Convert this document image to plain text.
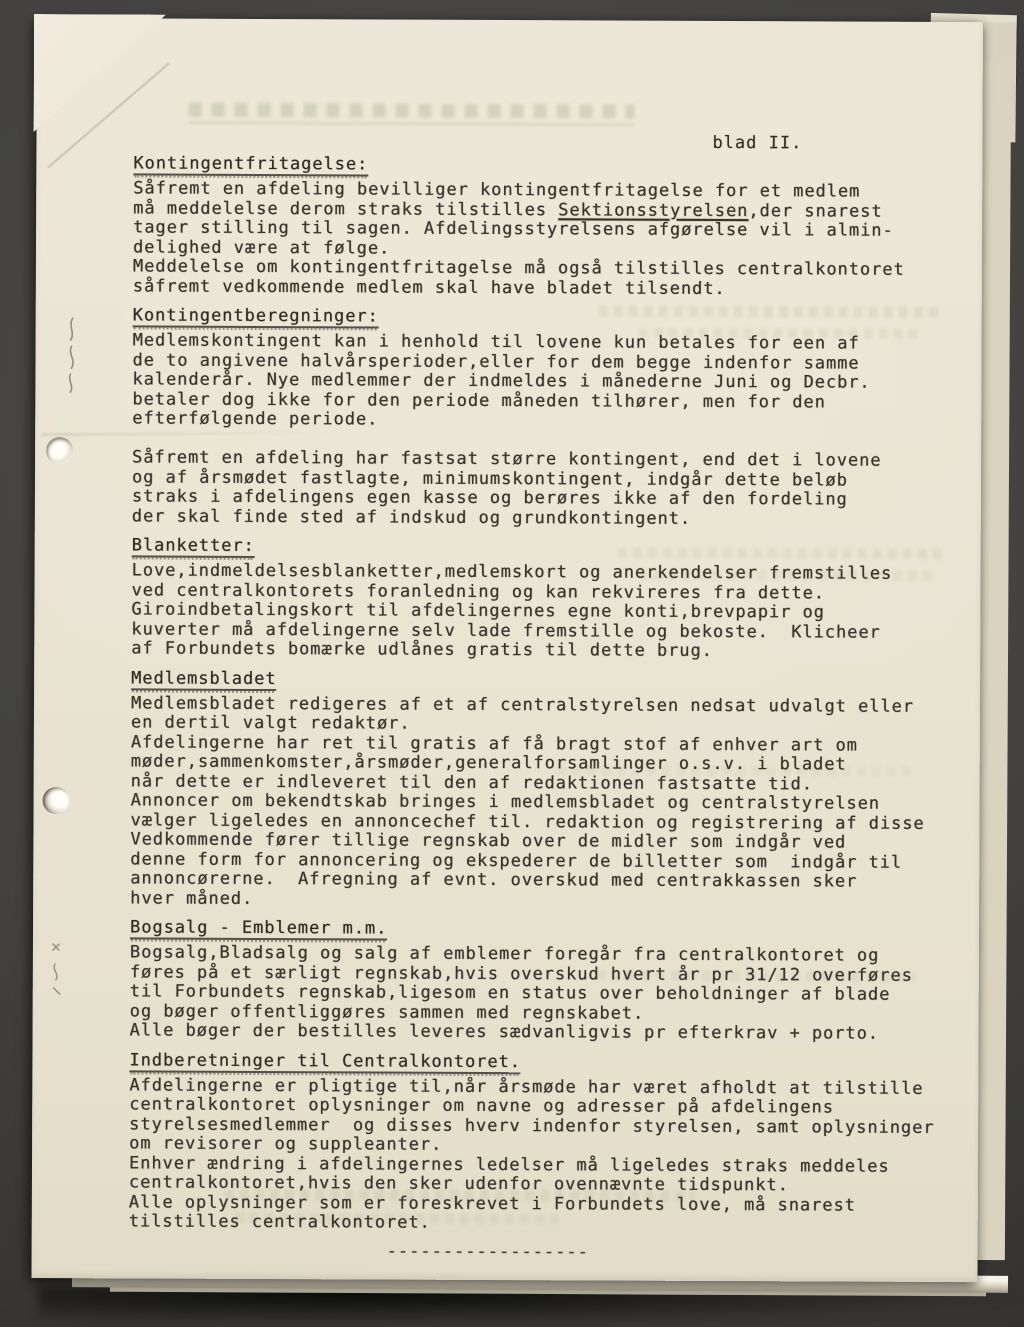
blad II.
Kontingentfritagelse:

Såfremt en afdeling bevilliger kontingentfritagelse for et medlem
må meddelelse derom straks tilstilles Sektionsstyrelsen,der snarest
tager stilling til sagen. Afdelingsstyrelsens afgørelse vil i almin-
delighed være at følge.
Meddelelse om kontingentfritagelse må også tilstilles centralkontoret
såfremt vedkommende medlem skal have bladet tilsendt.

Kontingentberegninger:

Medlemskontingent kan i henhold til lovene kun betales for een af
de to angivene halvårsperioder,eller for dem begge indenfor samme
kalenderår. Nye medlemmer der indmeldes i månederne Juni og Decbr.
betaler dog ikke for den periode måneden tilhører, men for den
efterfølgende periode.

Såfremt en afdeling har fastsat større kontingent, end det i lovene
og af årsmødet fastlagte, minimumskontingent, indgår dette beløb
straks i afdelingens egen kasse og berøres ikke af den fordeling
der skal finde sted af indskud og grundkontingent.

Blanketter:

Love,indmeldelsesblanketter,medlemskort og anerkendelser fremstilles
ved centralkontorets foranledning og kan rekvireres fra dette.
Giroindbetalingskort til afdelingernes egne konti,brevpapir og
kuverter må afdelingerne selv lade fremstille og bekoste.  Klicheer
af Forbundets bomærke udlånes gratis til dette brug.

Medlemsbladet

Medlemsbladet redigeres af et af centralstyrelsen nedsat udvalgt eller
en dertil valgt redaktør.
Afdelingerne har ret til gratis af få bragt stof af enhver art om
møder,sammenkomster,årsmøder,generalforsamlinger o.s.v. i bladet
når dette er indleveret til den af redaktionen fastsatte tid.
Annoncer om bekendtskab bringes i medlemsbladet og centralstyrelsen
vælger ligeledes en annoncechef til. redaktion og registrering af disse
Vedkommende fører tillige regnskab over de midler som indgår ved
denne form for annoncering og ekspederer de billetter som  indgår til
annoncørerne.  Afregning af evnt. overskud med centrakkassen sker
hver måned.

Bogsalg - Emblemer m.m.

Bogsalg,Bladsalg og salg af emblemer foregår fra centralkontoret og
føres på et særligt regnskab,hvis overskud hvert år pr 31/12 overføres
til Forbundets regnskab,ligesom en status over beholdninger af blade
og bøger offentliggøres sammen med regnskabet.
Alle bøger der bestilles leveres sædvanligvis pr efterkrav + porto.

Indberetninger til Centralkontoret.

Afdelingerne er pligtige til,når årsmøde har været afholdt at tilstille
centralkontoret oplysninger om navne og adresser på afdelingens
styrelsesmedlemmer  og disses hverv indenfor styrelsen, samt oplysninger
om revisorer og suppleanter.
Enhver ændring i afdelingernes ledelser må ligeledes straks meddeles
centralkontoret,hvis den sker udenfor ovennævnte tidspunkt.
Alle oplysninger som er foreskrevet i Forbundets love, må snarest
tilstilles centralkontoret.

------------------
